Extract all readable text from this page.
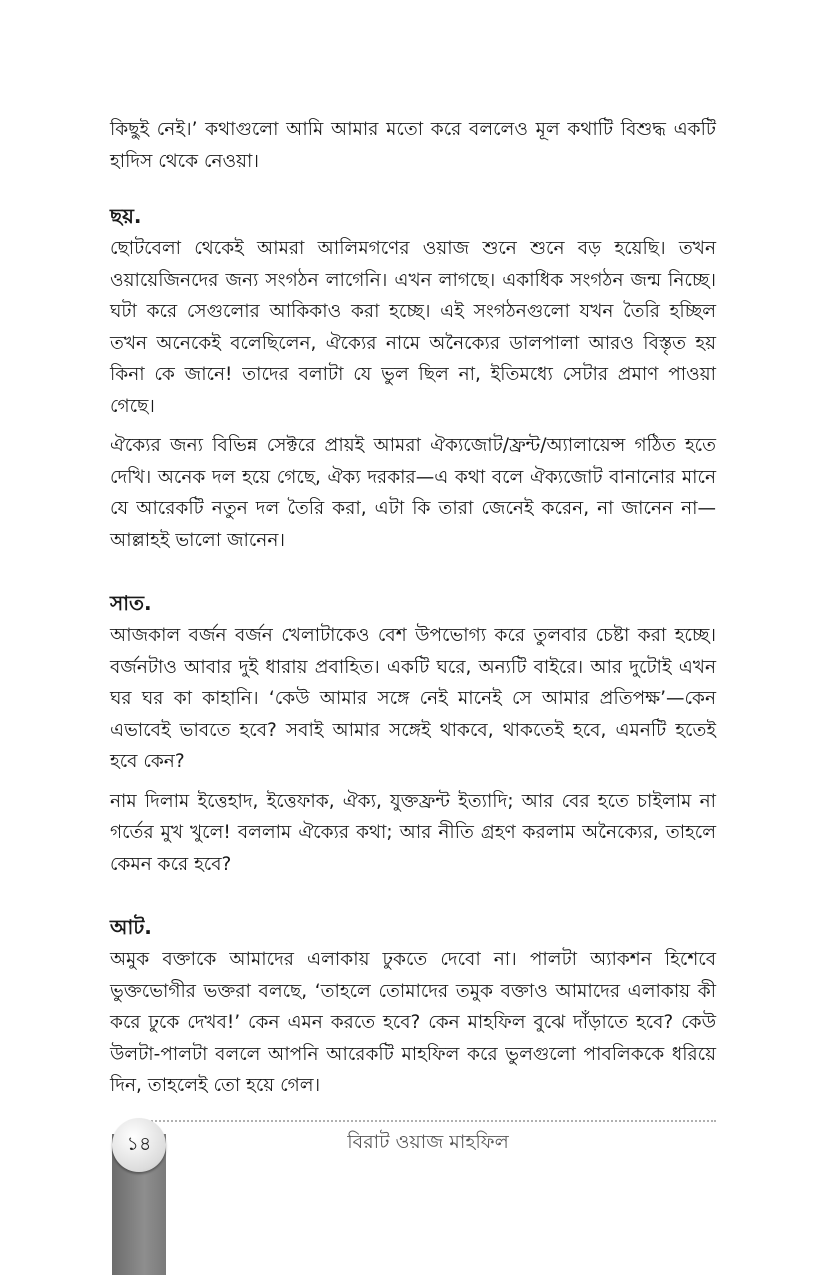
কিছুই নেই।’ কথাগুলো আমি আমার মতো করে বললেও মূল কথাটি বিশুদ্ধ একটি হাদিস থেকে নেওয়া।

ছয়.

ছোটবেলা থেকেই আমরা আলিমগণের ওয়াজ শুনে শুনে বড় হয়েছি। তখন ওয়ায়েজিনদের জন্য সংগঠন লাগেনি। এখন লাগছে। একাধিক সংগঠন জন্ম নিচ্ছে। ঘটা করে সেগুলোর আকিকাও করা হচ্ছে। এই সংগঠনগুলো যখন তৈরি হচ্ছিল তখন অনেকেই বলেছিলেন, ঐক্যের নামে অনৈক্যের ডালপালা আরও বিস্তৃত হয় কিনা কে জানে! তাদের বলাটা যে ভুল ছিল না, ইতিমধ্যে সেটার প্রমাণ পাওয়া গেছে।

ঐক্যের জন্য বিভিন্ন সেক্টরে প্রায়ই আমরা ঐক্যজোট/ফ্রন্ট/অ্যালায়েন্স গঠিত হতে দেখি। অনেক দল হয়ে গেছে, ঐক্য দরকার—এ কথা বলে ঐক্যজোট বানানোর মানে যে আরেকটি নতুন দল তৈরি করা, এটা কি তারা জেনেই করেন, না জানেন না—আল্লাহই ভালো জানেন।

সাত.

আজকাল বর্জন বর্জন খেলাটাকেও বেশ উপভোগ্য করে তুলবার চেষ্টা করা হচ্ছে। বর্জনটাও আবার দুই ধারায় প্রবাহিত। একটি ঘরে, অন্যটি বাইরে। আর দুটোই এখন ঘর ঘর কা কাহানি। ‘কেউ আমার সঙ্গে নেই মানেই সে আমার প্রতিপক্ষ’—কেন এভাবেই ভাবতে হবে? সবাই আমার সঙ্গেই থাকবে, থাকতেই হবে, এমনটি হতেই হবে কেন?

নাম দিলাম ইত্তেহাদ, ইত্তেফাক, ঐক্য, যুক্তফ্রন্ট ইত্যাদি; আর বের হতে চাইলাম না গর্তের মুখ খুলে! বললাম ঐক্যের কথা; আর নীতি গ্রহণ করলাম অনৈক্যের, তাহলে কেমন করে হবে?

আট.

অমুক বক্তাকে আমাদের এলাকায় ঢুকতে দেবো না। পালটা অ্যাকশন হিশেবে ভুক্তভোগীর ভক্তরা বলছে, ‘তাহলে তোমাদের তমুক বক্তাও আমাদের এলাকায় কী করে ঢুকে দেখব!’ কেন এমন করতে হবে? কেন মাহফিল বুঝে দাঁড়াতে হবে? কেউ উলটা-পালটা বললে আপনি আরেকটি মাহফিল করে ভুলগুলো পাবলিককে ধরিয়ে দিন, তাহলেই তো হয়ে গেল।

বিরাট ওয়াজ মাহফিল
১৪
